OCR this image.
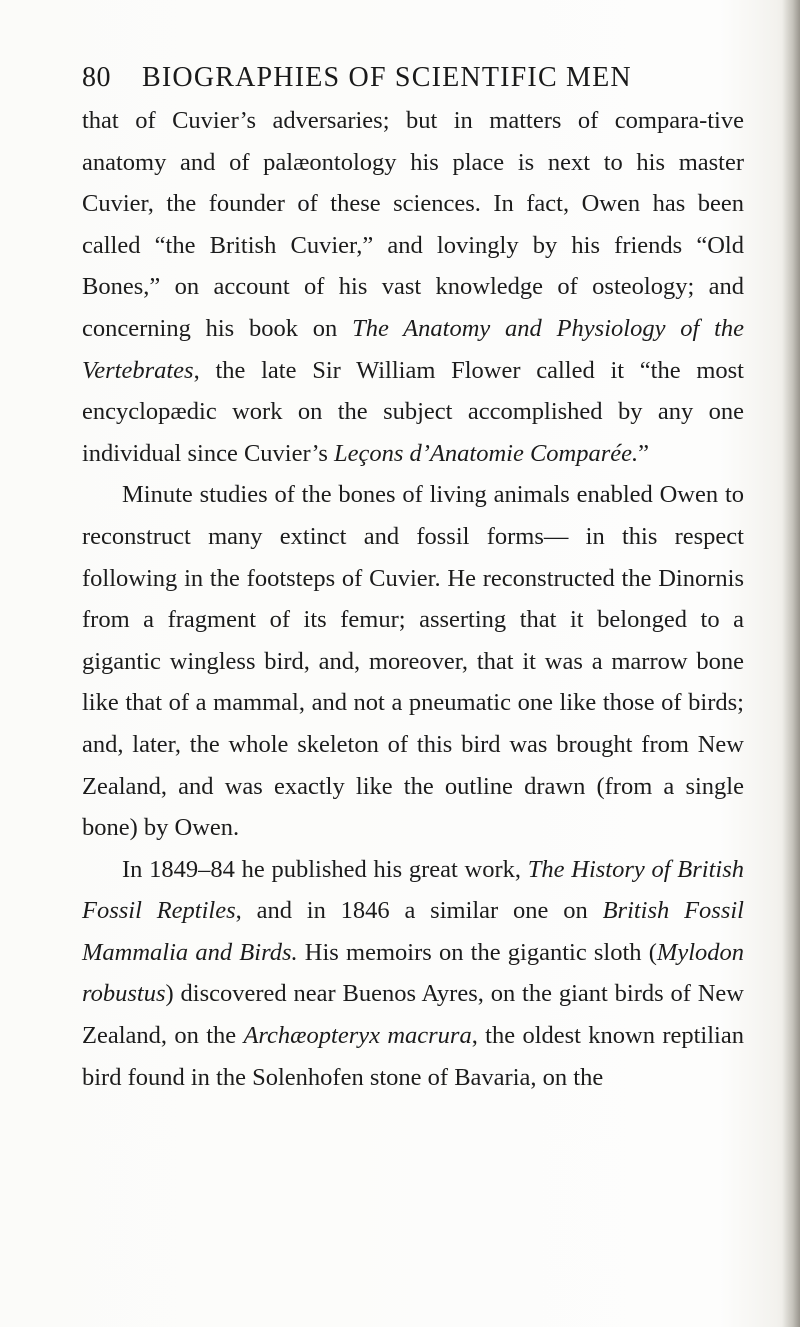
80 BIOGRAPHIES OF SCIENTIFIC MEN

that of Cuvier’s adversaries; but in matters of compara-tive anatomy and of palæontology his place is next to his master Cuvier, the founder of these sciences. In fact, Owen has been called “the British Cuvier,” and lovingly by his friends “Old Bones,” on account of his vast knowledge of osteology; and concerning his book on The Anatomy and Physiology of the Vertebrates, the late Sir William Flower called it “the most encyclopædic work on the subject accomplished by any one individual since Cuvier’s Leçons d’Anatomie Comparée.”

Minute studies of the bones of living animals enabled Owen to reconstruct many extinct and fossil forms— in this respect following in the footsteps of Cuvier. He reconstructed the Dinornis from a fragment of its femur; asserting that it belonged to a gigantic wingless bird, and, moreover, that it was a marrow bone like that of a mammal, and not a pneumatic one like those of birds; and, later, the whole skeleton of this bird was brought from New Zealand, and was exactly like the outline drawn (from a single bone) by Owen.

In 1849–84 he published his great work, The History of British Fossil Reptiles, and in 1846 a similar one on British Fossil Mammalia and Birds. His memoirs on the gigantic sloth (Mylodon robustus) discovered near Buenos Ayres, on the giant birds of New Zealand, on the Archæopteryx macrura, the oldest known reptilian bird found in the Solenhofen stone of Bavaria, on the
